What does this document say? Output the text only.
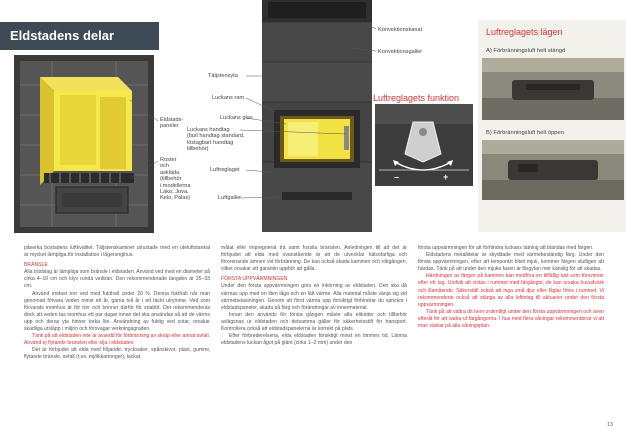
Eldstadens delar	Konvektionskanal
Konvektionsgaller
Täljstensyta
Luckans ram
Luckans glas
Eldstads-
paneler
Luckans handtag
(fast handtag standard,
löstagbart handtag
tillbehör)
Roster
och
askläda
(tillbehör
i modellerna
Lako, Juva,
Kelo, Palas)
Luftreglaget
Luftgaller
Luftreglagets funktion
–	+
Luftreglagets lägen
A) Förbränningsluft helt stängd
B) Förbränningsluft helt öppen

påverka bostadens luftkvalitet. Täljstenskaminer utrustade med en uteluftstankal är mycket lämpliga för installation i lågenergihus.

BRÄNSLE

Alla trädslag är lämpliga som bränsle i eldstaden. Använd ved med en diameter på cirka 4–10 cm och klyv runda vedträn. Den rekommenderade längden är 25–33 cm.

Använd endast torr ved med fukthalt under 20 %. Denna fukthalt når man genomatt förvara veden minst ett år, gärna två år i ett täckt utrymme. Ved som förvarats inomhus är för torr och brinner därför för snabbt. Det rekommenderas dock att veden tas inomhus ett par dagar innan det ska användas så att de värms upp och deras yta hinner torka lite. Användning av fuktig ved sotar, orsakar skadliga utsläpp i miljön och försvagar verkningsgraden.

Tänk på att eldstaden inte är avsedd för förbränning av skräp eller annat avfall. Använd ej flytande bränslen eller olja i eldstaden.

Det är förbjudet att elda med följande: trycksaker, spånskivor, plast, gummi, flytande bränsle, avfall (t.ex. mjölkkartonger), lackat,

målat eller impregnerat trä samt fossila bränslen. Anledningen till att det är förbjudet att elda med ovanstående är att de utvecklar hälsofarliga och förorenande ämnen vid förbränning. De kan också skada kaminen och rökgången, vilket orsakar att garantin upphör att gälla.

FÖRSTA UPPVÄRMNINGEN

Under den första uppvärmningen görs en inkörning av eldstaden. Den ska då värmas upp med en liten låga och en lätt värme. Alla material måste vänja sig vid värmebelastningen. Genom att först värma upp försiktigt förhindrar du sprickor i eldstadspaneler, skada på färg och förändringar av innermaterial.

Innan den används för första gången måste alla etiketter och tillbehör avlägsnas ur eldstaden och detsamma gäller för säkerhetsstift för transport. Kontrollera också att eldstadspanelerna är korrekt på plats.

Efter förbrederelsena, elda eldstaden försiktigt minst en timmes tid. Lämna eldstadens luckan ågot på glänt (cirka 1–2 mm) under den

första uppvärmningen för att förhindra luckans tätning att blandas med färgen.

Eldstadens metalldelar är skyddade med värmebeständig färg. Under den första uppvärmningen, efter att temporärt blivit mjuk, kommer färgen slutligen att härdas. Tänk på att under den mjuka fasen är färgytan mer känslig för att skadas.

Härdningen av färgen på kaminen kan medföra en tillfällig lukt som försvinner efter ett tag. Undvik att vistas i rummet med färgångor, de kan orsaka huvudvärk och illamående. Säkerställ också att inga små djur eller fåglar finns i rummet. Vi rekommenderar också att stänga av alla luftintag till aktuarier under den första uppvärmningen.

Tänk på att vädra dit hem ordentligt under den första uppvärmningen och även efteråt för att vädra ut färgångorna. I hus med flera våningar rekommenderar vi att man vädrar på alla våningsplan.

13
